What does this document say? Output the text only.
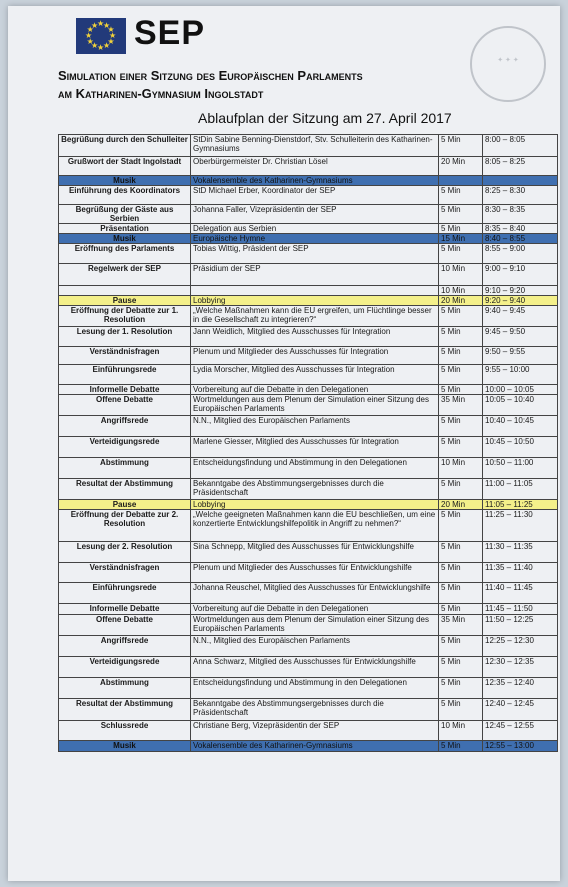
★
★
★
★
★
★
★
★
★
★
★
★ SEP
✦ ✦ ✦
Simulation einer Sitzung des Europäischen Parlaments
am Katharinen-Gymnasium Ingolstadt
Ablaufplan der Sitzung am 27. April 2017
Begrüßung durch den Schulleiter	StDin Sabine Benning-Dienstdorf, Stv. Schulleiterin des Katharinen-Gymnasiums	5 Min	8:00 – 8:05
Grußwort der Stadt Ingolstadt	Oberbürgermeister Dr. Christian Lösel	20 Min	8:05 – 8:25
Musik	Vokalensemble des Katharinen-Gymnasiums		
Einführung des Koordinators	StD Michael Erber, Koordinator der SEP	5 Min	8:25 – 8:30
Begrüßung der Gäste aus Serbien	Johanna Faller, Vizepräsidentin der SEP	5 Min	8:30 – 8:35
Präsentation	Delegation aus Serbien	5 Min	8:35 – 8:40
Musik	Europäische Hymne	15 Min	8:40 – 8:55
Eröffnung des Parlaments	Tobias Wittig, Präsident der SEP	5 Min	8:55 – 9:00
Regelwerk der SEP	Präsidium der SEP	10 Min	9:00 – 9:10
		10 Min	9:10 – 9:20
Pause	Lobbying	20 Min	9:20 – 9:40
Eröffnung der Debatte zur 1. Resolution	„Welche Maßnahmen kann die EU ergreifen, um Flüchtlinge besser in die Gesellschaft zu integrieren?“	5 Min	9:40 – 9:45
Lesung der 1. Resolution	Jann Weidlich, Mitglied des Ausschusses für Integration	5 Min	9:45 – 9:50
Verständnisfragen	Plenum und Mitglieder des Ausschusses für Integration	5 Min	9:50 – 9:55
Einführungsrede	Lydia Morscher, Mitglied des Ausschusses für Integration	5 Min	9:55 – 10:00
Informelle Debatte	Vorbereitung auf die Debatte in den Delegationen	5 Min	10:00 – 10:05
Offene Debatte	Wortmeldungen aus dem Plenum der Simulation einer Sitzung des Europäischen Parlaments	35 Min	10:05 – 10:40
Angriffsrede	N.N., Mitglied des Europäischen Parlaments	5 Min	10:40 – 10:45
Verteidigungsrede	Marlene Giesser, Mitglied des Ausschusses für Integration	5 Min	10:45 – 10:50
Abstimmung	Entscheidungsfindung und Abstimmung in den Delegationen	10 Min	10:50 – 11:00
Resultat der Abstimmung	Bekanntgabe des Abstimmungsergebnisses durch die Präsidentschaft	5 Min	11:00 – 11:05
Pause	Lobbying	20 Min	11:05 – 11:25
Eröffnung der Debatte zur 2. Resolution	„Welche geeigneten Maßnahmen kann die EU beschließen, um eine konzertierte Entwicklungshilfepolitik in Angriff zu nehmen?“	5 Min	11:25 – 11:30
Lesung der 2. Resolution	Sina Schnepp, Mitglied des Ausschusses für Entwicklungshilfe	5 Min	11:30 – 11:35
Verständnisfragen	Plenum und Mitglieder des Ausschusses für Entwicklungshilfe	5 Min	11:35 – 11:40
Einführungsrede	Johanna Reuschel, Mitglied des Ausschusses für Entwicklungshilfe	5 Min	11:40 – 11:45
Informelle Debatte	Vorbereitung auf die Debatte in den Delegationen	5 Min	11:45 – 11:50
Offene Debatte	Wortmeldungen aus dem Plenum der Simulation einer Sitzung des Europäischen Parlaments	35 Min	11:50 – 12:25
Angriffsrede	N.N., Mitglied des Europäischen Parlaments	5 Min	12:25 – 12:30
Verteidigungsrede	Anna Schwarz, Mitglied des Ausschusses für Entwicklungshilfe	5 Min	12:30 – 12:35
Abstimmung	Entscheidungsfindung und Abstimmung in den Delegationen	5 Min	12:35 – 12:40
Resultat der Abstimmung	Bekanntgabe des Abstimmungsergebnisses durch die Präsidentschaft	5 Min	12:40 – 12:45
Schlussrede	Christiane Berg, Vizepräsidentin der SEP	10 Min	12:45 – 12:55
Musik	Vokalensemble des Katharinen-Gymnasiums	5 Min	12:55 – 13:00
